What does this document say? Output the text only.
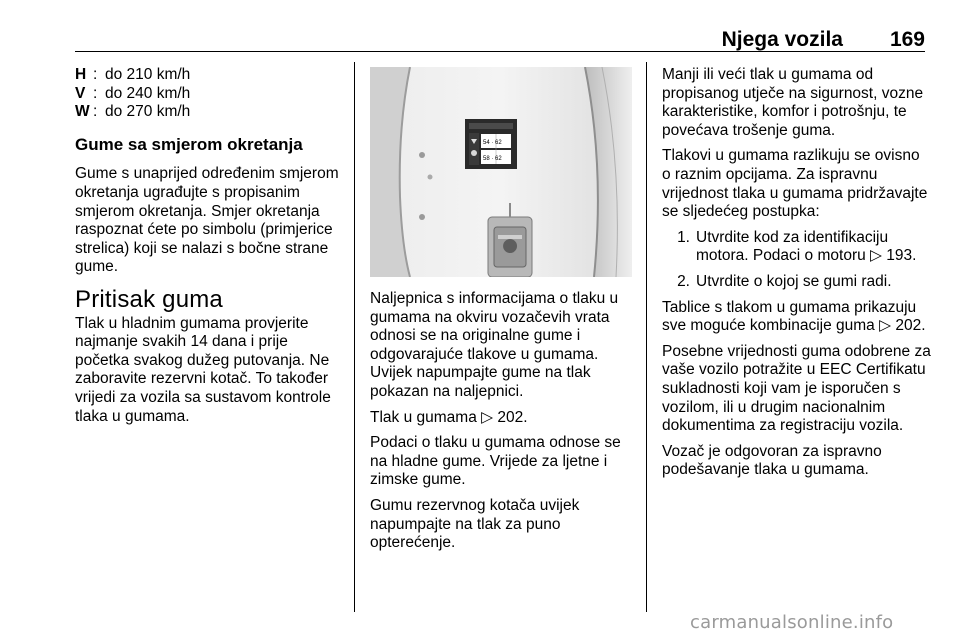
Njega vozila 169
H : do 210 km/h
V : do 240 km/h
W : do 270 km/h
Gume sa smjerom okretanja

Gume s unaprijed određenim smjerom okretanja ugrađujte s propisanim smjerom okretanja. Smjer okretanja raspoznat ćete po simbolu (primjerice strelica) koji se nalazi s bočne strane gume.

Pritisak guma

Tlak u hladnim gumama provjerite najmanje svakih 14 dana i prije početka svakog dužeg putovanja. Ne zaboravite rezervni kotač. To također vrijedi za vozila sa sustavom kontrole tlaka u gumama.

54 · 62
58 · 62

Naljepnica s informacijama o tlaku u gumama na okviru vozačevih vrata odnosi se na originalne gume i odgovarajuće tlakove u gumama. Uvijek napumpajte gume na tlak pokazan na naljepnici.

Tlak u gumama ▷ 202.

Podaci o tlaku u gumama odnose se na hladne gume. Vrijede za ljetne i zimske gume.

Gumu rezervnog kotača uvijek napumpajte na tlak za puno opterećenje.

Manji ili veći tlak u gumama od propisanog utječe na sigurnost, vozne karakteristike, komfor i potrošnju, te povećava trošenje guma.

Tlakovi u gumama razlikuju se ovisno o raznim opcijama. Za ispravnu vrijednost tlaka u gumama pridržavajte se sljedećeg postupka:

1. Utvrdite kod za identifikaciju motora. Podaci o motoru ▷ 193.
2. Utvrdite o kojoj se gumi radi.

Tablice s tlakom u gumama prikazuju sve moguće kombinacije guma ▷ 202.

Posebne vrijednosti guma odobrene za vaše vozilo potražite u EEC Certifikatu sukladnosti koji vam je isporučen s vozilom, ili u drugim nacionalnim dokumentima za registraciju vozila.

Vozač je odgovoran za ispravno podešavanje tlaka u gumama.

carmanualsonline.info
